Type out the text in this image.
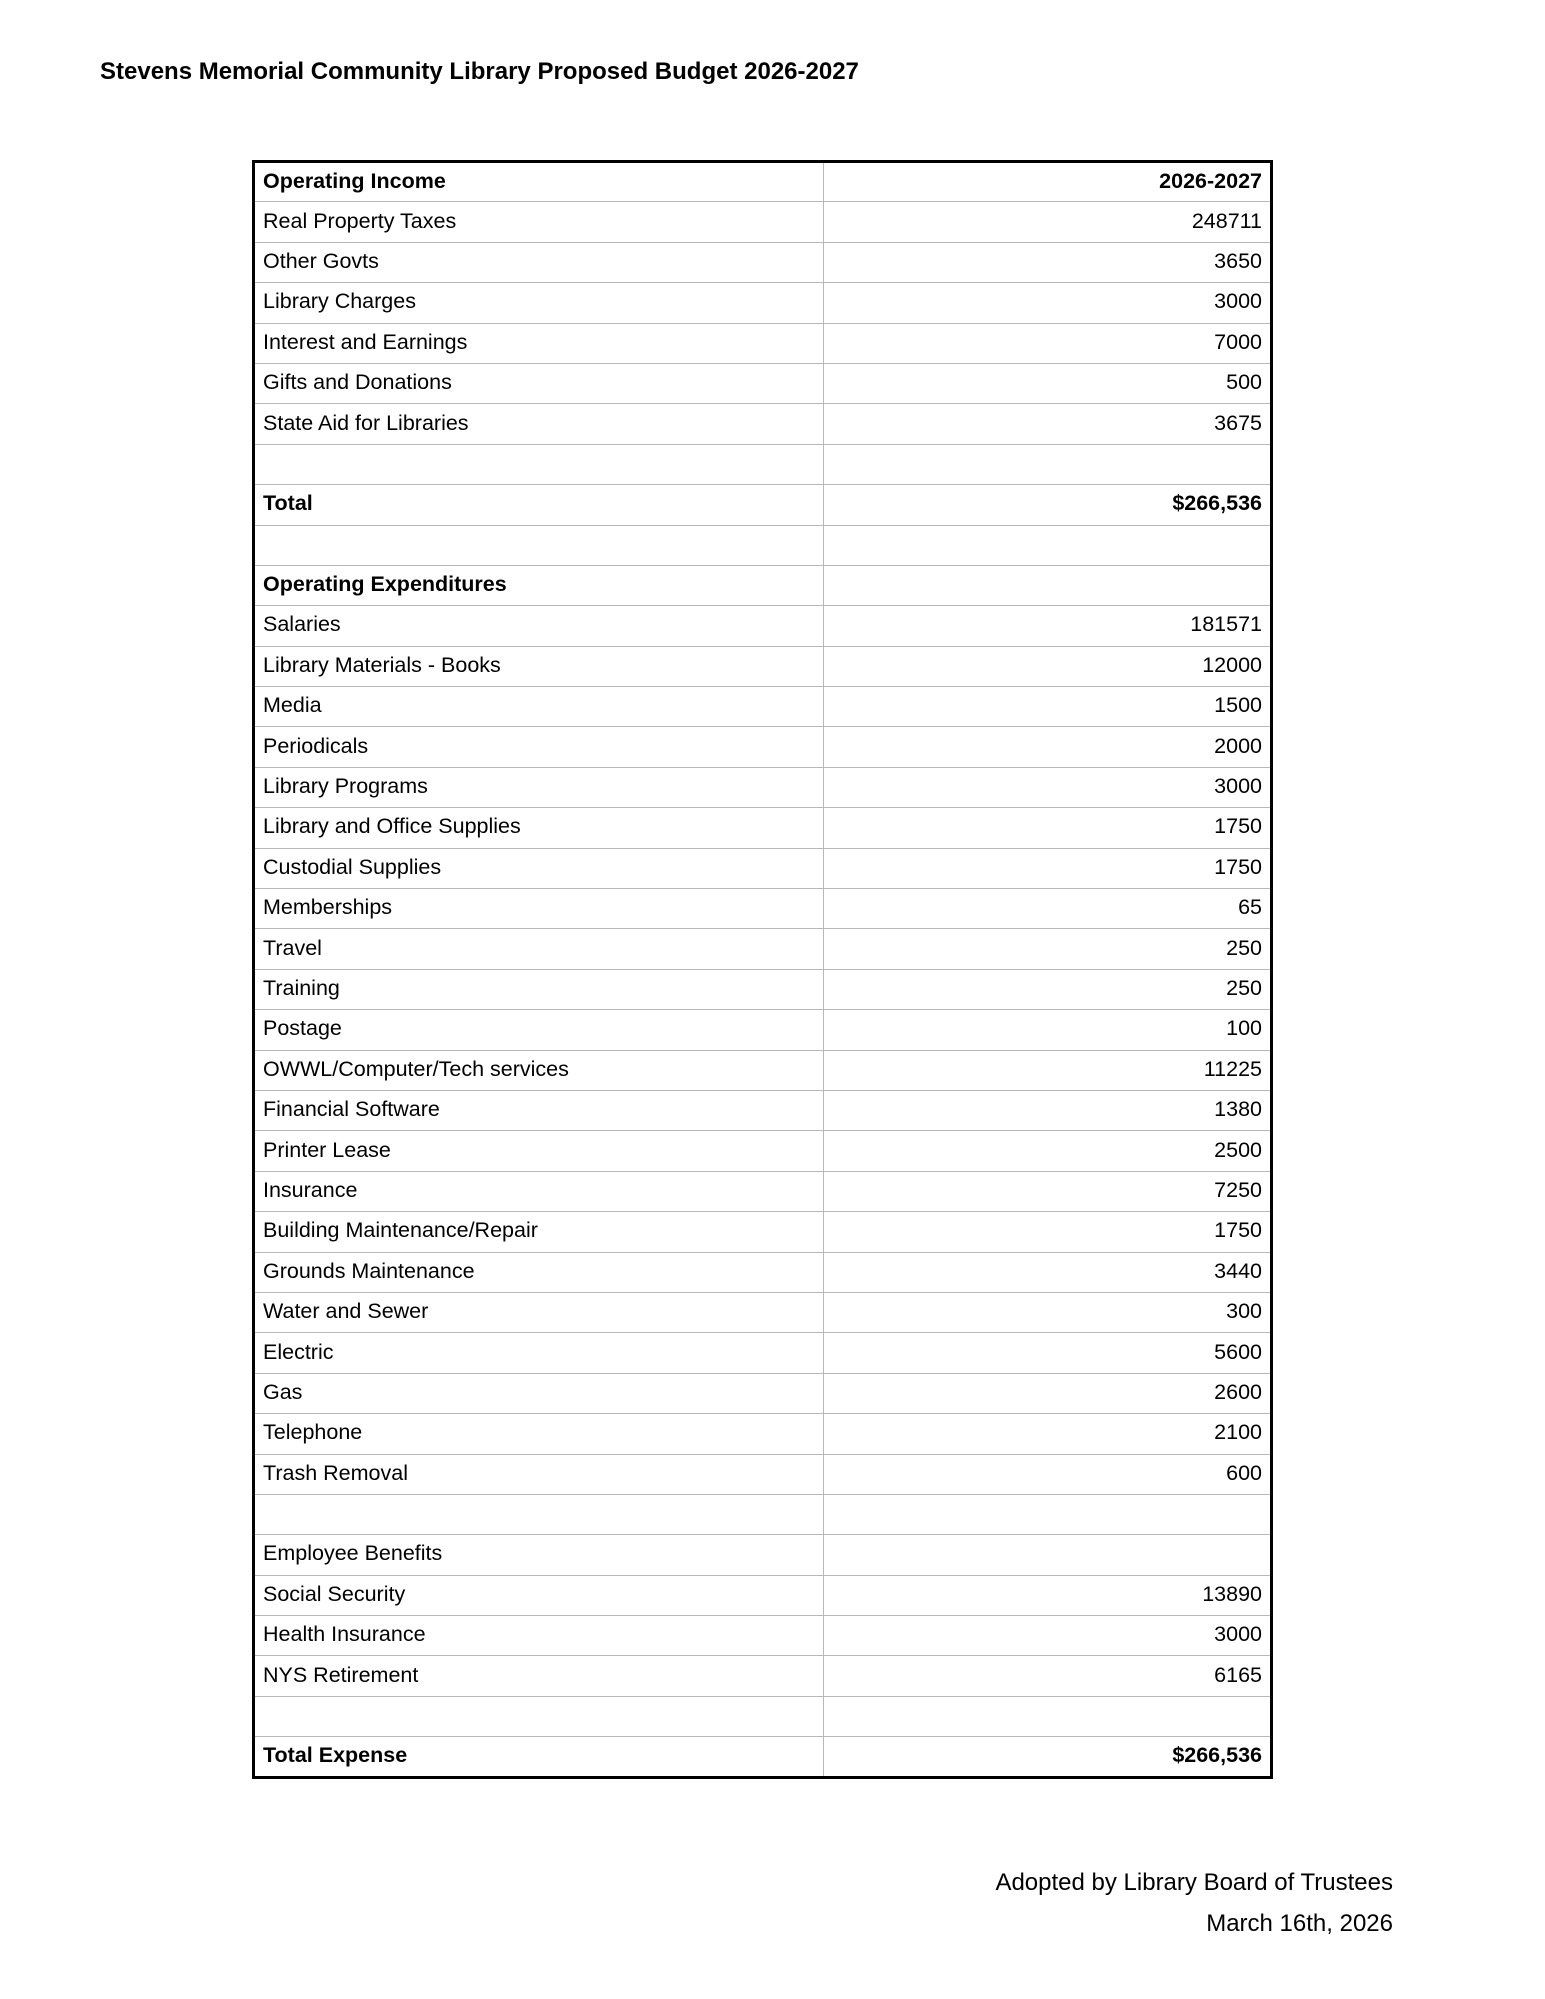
Stevens Memorial Community Library Proposed Budget 2026-2027
Operating Income	2026-2027
Real Property Taxes	248711
Other Govts	3650
Library Charges	3000
Interest and Earnings	7000
Gifts and Donations	500
State Aid for Libraries	3675

Total	$266,536

Operating Expenditures	
Salaries	181571
Library Materials - Books	12000
Media	1500
Periodicals	2000
Library Programs	3000
Library and Office Supplies	1750
Custodial Supplies	1750
Memberships	65
Travel	250
Training	250
Postage	100
OWWL/Computer/Tech services	11225
Financial Software	1380
Printer Lease	2500
Insurance	7250
Building Maintenance/Repair	1750
Grounds Maintenance	3440
Water and Sewer	300
Electric	5600
Gas	2600
Telephone	2100
Trash Removal	600

Employee Benefits	
Social Security	13890
Health Insurance	3000
NYS Retirement	6165

Total Expense	$266,536
Adopted by Library Board of Trustees
March 16th, 2026
